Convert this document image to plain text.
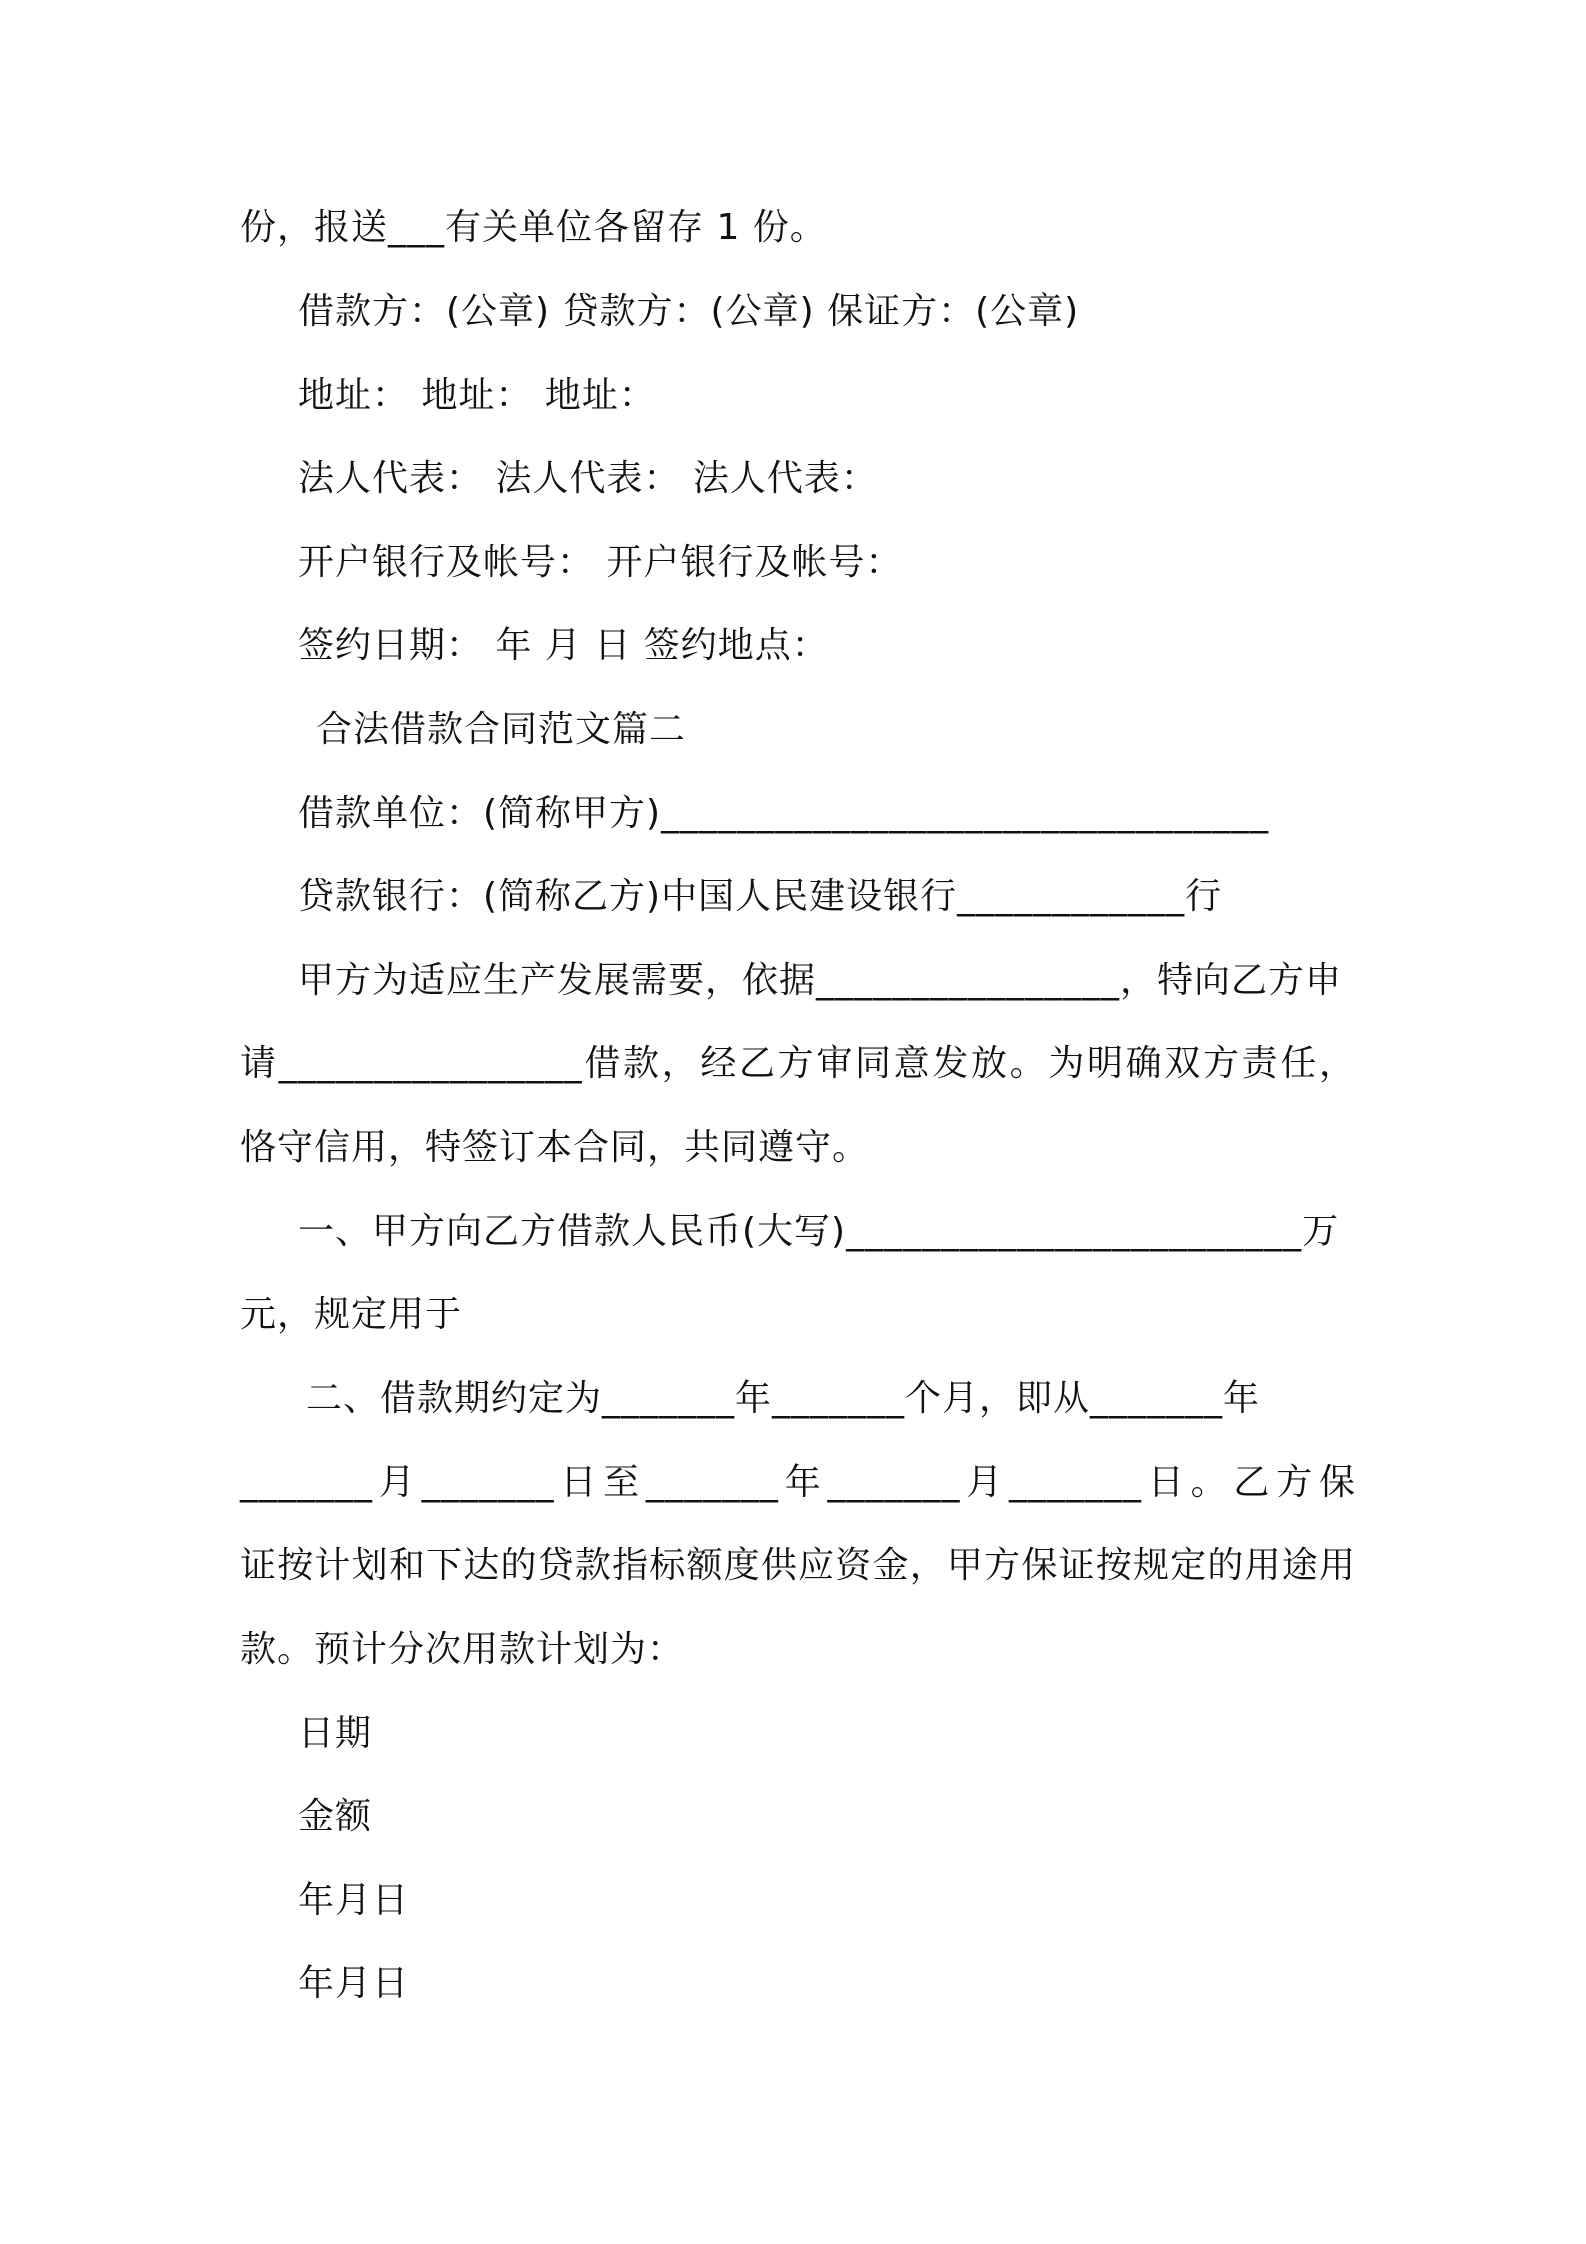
份，报送___有关单位各留存 1 份。
借款方：(公章) 贷款方：(公章) 保证方：(公章)
地址： 地址： 地址：
法人代表： 法人代表： 法人代表：
开户银行及帐号： 开户银行及帐号：
签约日期： 年 月 日 签约地点：
合法借款合同范文篇二
借款单位：(简称甲方)________________________________
贷款银行：(简称乙方)中国人民建设银行____________行
甲方为适应生产发展需要，依据________________，特向乙方申
请________________借款，经乙方审同意发放。为明确双方责任，
恪守信用，特签订本合同，共同遵守。
一、甲方向乙方借款人民币(大写)________________________万
元，规定用于
二、借款期约定为_______年_______个月，即从_______年
_______月_______日至_______年_______月_______日。乙方保
证按计划和下达的贷款指标额度供应资金，甲方保证按规定的用途用
款。预计分次用款计划为：
日期
金额
年月日
年月日
